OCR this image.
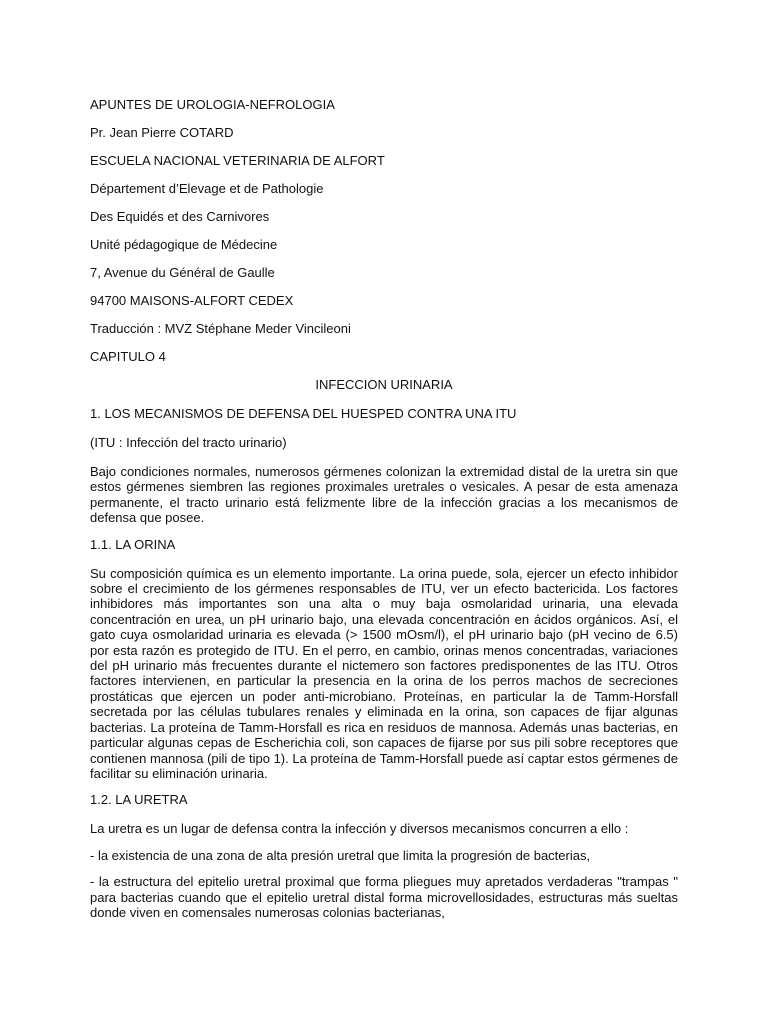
APUNTES DE UROLOGIA-NEFROLOGIA
Pr. Jean Pierre COTARD
ESCUELA NACIONAL VETERINARIA DE ALFORT
Département d’Elevage et de Pathologie
Des Equidés et des Carnivores
Unité pédagogique de Médecine
7, Avenue du Général de Gaulle
94700 MAISONS-ALFORT CEDEX
Traducción : MVZ Stéphane Meder Vincileoni
CAPITULO 4
INFECCION URINARIA
1. LOS MECANISMOS DE DEFENSA DEL HUESPED CONTRA UNA ITU
(ITU : Infección del tracto urinario)

Bajo condiciones normales, numerosos gérmenes colonizan la extremidad distal de la uretra sin que estos gérmenes siembren las regiones proximales uretrales o vesicales. A pesar de esta amenaza permanente, el tracto urinario está felizmente libre de la infección gracias a los mecanismos de defensa que posee.

1.1. LA ORINA

Su composición química es un elemento importante. La orina puede, sola, ejercer un efecto inhibidor sobre el crecimiento de los gérmenes responsables de ITU, ver un efecto bactericida. Los factores inhibidores más importantes son una alta o muy baja osmolaridad urinaria, una elevada concentración en urea, un pH urinario bajo, una elevada concentración en ácidos orgánicos. Así, el gato cuya osmolaridad urinaria es elevada (> 1500 mOsm/l), el pH urinario bajo (pH vecino de 6.5) por esta razón es protegido de ITU. En el perro, en cambio, orinas menos concentradas, variaciones del pH urinario más frecuentes durante el nictemero son factores predisponentes de las ITU. Otros factores intervienen, en particular la presencia en la orina de los perros machos de secreciones prostáticas que ejercen un poder anti-microbiano. Proteínas, en particular la de Tamm-Horsfall secretada por las células tubulares renales y eliminada en la orina, son capaces de fijar algunas bacterias. La proteína de Tamm-Horsfall es rica en residuos de mannosa. Además unas bacterias, en particular algunas cepas de Escherichia coli, son capaces de fijarse por sus pili sobre receptores que contienen mannosa (pili de tipo 1). La proteína de Tamm-Horsfall puede así captar estos gérmenes de facilitar su eliminación urinaria.

1.2. LA URETRA

La uretra es un lugar de defensa contra la infección y diversos mecanismos concurren a ello :

- la existencia de una zona de alta presión uretral que limita la progresión de bacterias,

- la estructura del epitelio uretral proximal que forma pliegues muy apretados verdaderas "trampas " para bacterias cuando que el epitelio uretral distal forma microvellosidades, estructuras más sueltas donde viven en comensales numerosas colonias bacterianas,
